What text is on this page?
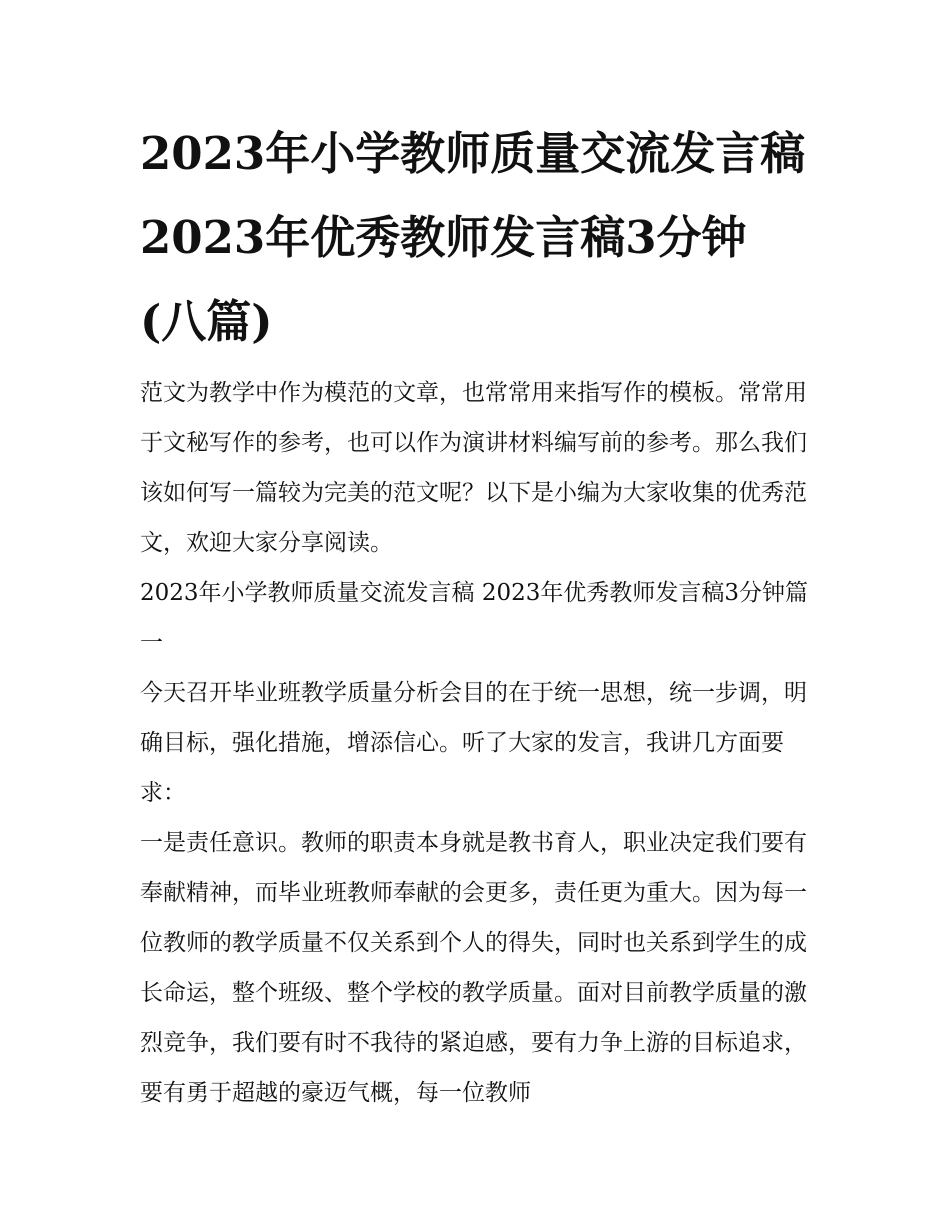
2023年小学教师质量交流发言稿 2023年优秀教师发言稿3分钟(八篇)

范文为教学中作为模范的文章，也常常用来指写作的模板。常常用于文秘写作的参考，也可以作为演讲材料编写前的参考。那么我们该如何写一篇较为完美的范文呢？以下是小编为大家收集的优秀范文，欢迎大家分享阅读。

2023年小学教师质量交流发言稿 2023年优秀教师发言稿3分钟篇一

今天召开毕业班教学质量分析会目的在于统一思想，统一步调，明确目标，强化措施，增添信心。听了大家的发言，我讲几方面要求：

一是责任意识。教师的职责本身就是教书育人，职业决定我们要有奉献精神，而毕业班教师奉献的会更多，责任更为重大。因为每一位教师的教学质量不仅关系到个人的得失，同时也关系到学生的成长命运，整个班级、整个学校的教学质量。面对目前教学质量的激烈竞争，我们要有时不我待的紧迫感，要有力争上游的目标追求，要有勇于超越的豪迈气概，每一位教师
